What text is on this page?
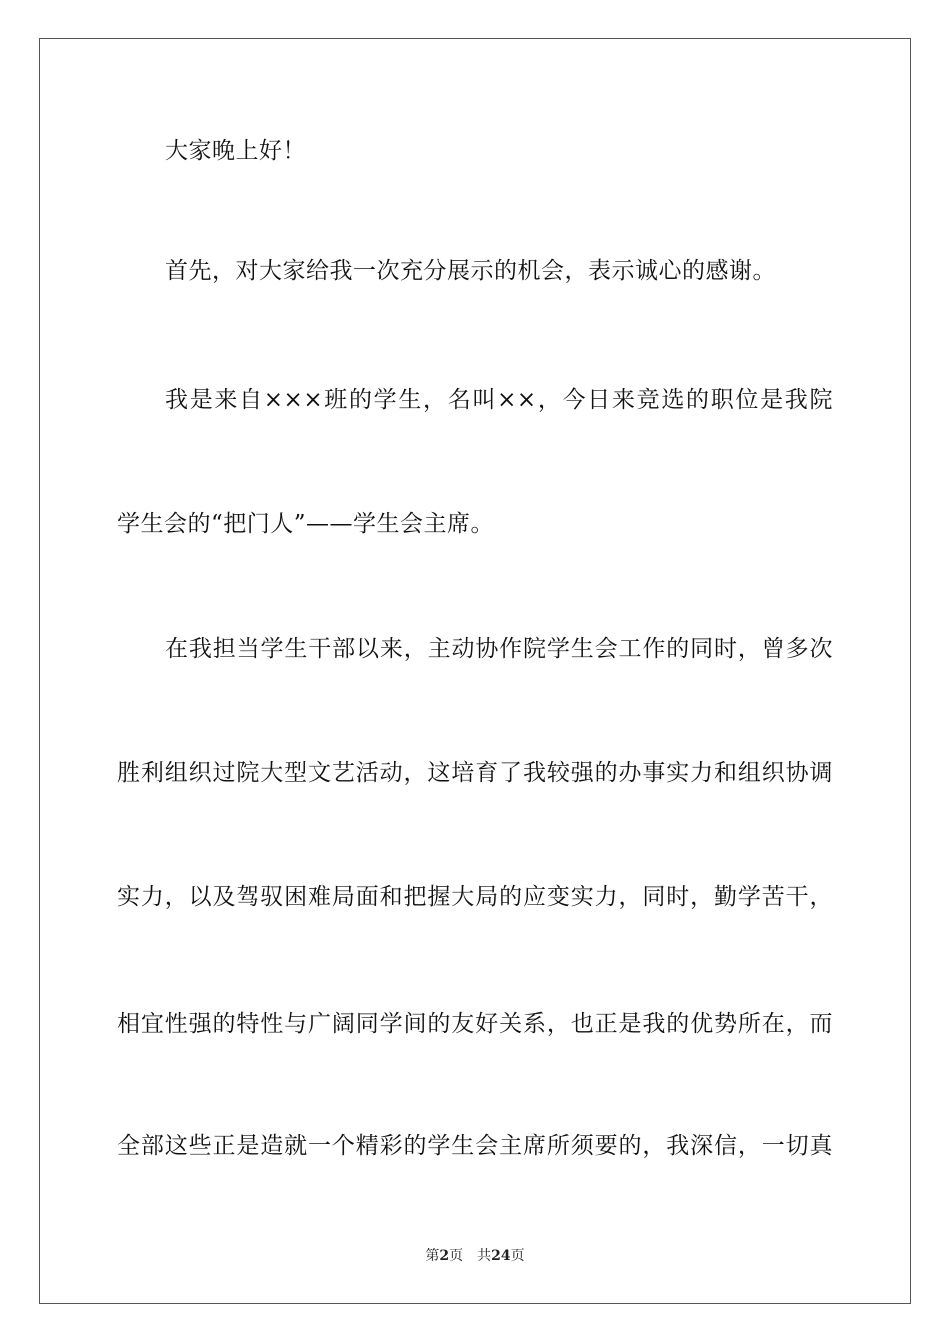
大家晚上好！
首先，对大家给我一次充分展示的机会，表示诚心的感谢。
我是来自×××班的学生，名叫××，今日来竞选的职位是我院
学生会的“把门人”——学生会主席。
在我担当学生干部以来，主动协作院学生会工作的同时，曾多次
胜利组织过院大型文艺活动，这培育了我较强的办事实力和组织协调
实力，以及驾驭困难局面和把握大局的应变实力，同时，勤学苦干，
相宜性强的特性与广阔同学间的友好关系，也正是我的优势所在，而
全部这些正是造就一个精彩的学生会主席所须要的，我深信，一切真
第2页 共24页
